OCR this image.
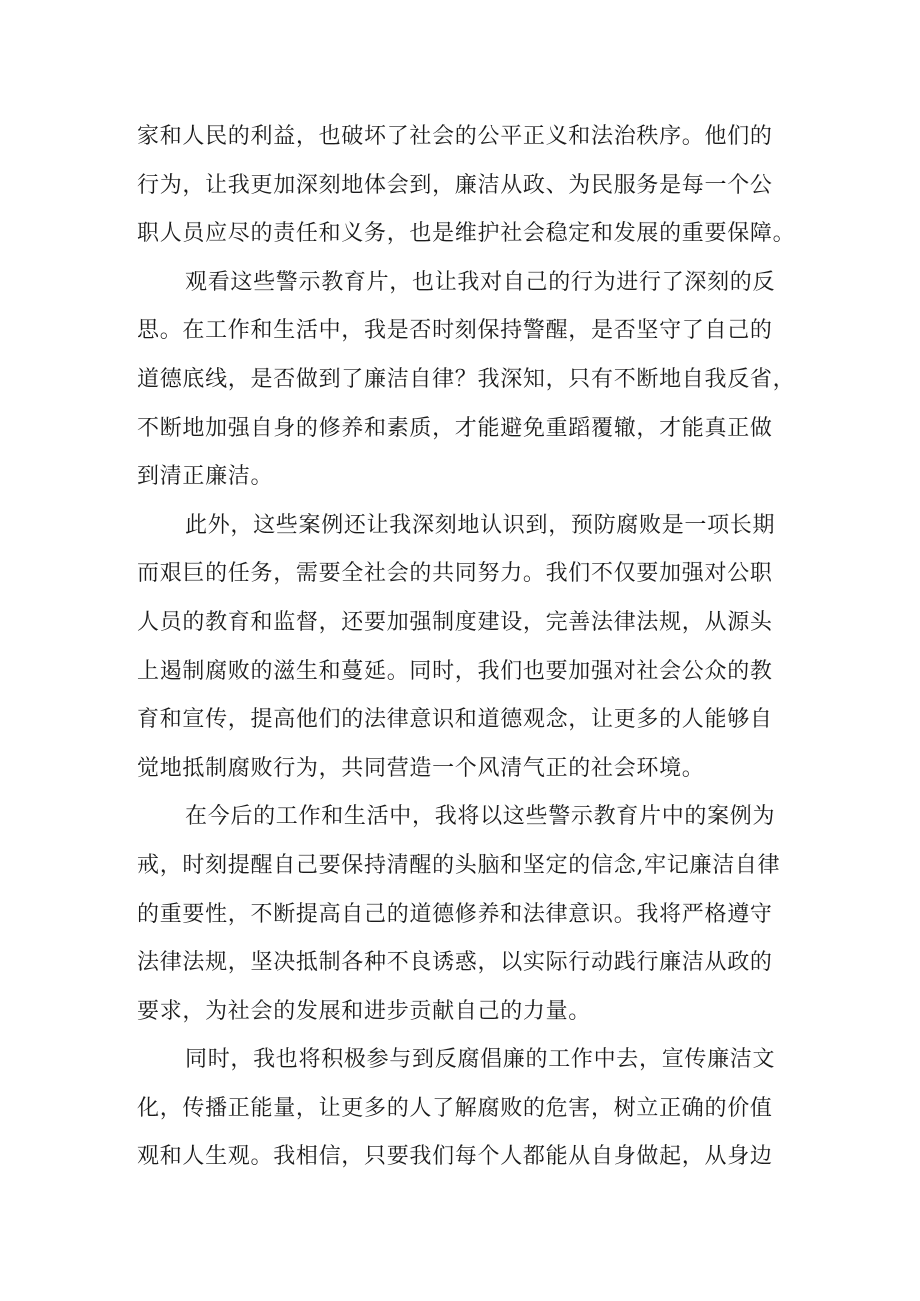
家和人民的利益，也破坏了社会的公平正义和法治秩序。他们的
行为，让我更加深刻地体会到，廉洁从政、为民服务是每一个公
职人员应尽的责任和义务，也是维护社会稳定和发展的重要保障。
观看这些警示教育片，也让我对自己的行为进行了深刻的反
思。在工作和生活中，我是否时刻保持警醒，是否坚守了自己的
道德底线，是否做到了廉洁自律？我深知，只有不断地自我反省，
不断地加强自身的修养和素质，才能避免重蹈覆辙，才能真正做
到清正廉洁。
此外，这些案例还让我深刻地认识到，预防腐败是一项长期
而艰巨的任务，需要全社会的共同努力。我们不仅要加强对公职
人员的教育和监督，还要加强制度建设，完善法律法规，从源头
上遏制腐败的滋生和蔓延。同时，我们也要加强对社会公众的教
育和宣传，提高他们的法律意识和道德观念，让更多的人能够自
觉地抵制腐败行为，共同营造一个风清气正的社会环境。
在今后的工作和生活中，我将以这些警示教育片中的案例为
戒，时刻提醒自己要保持清醒的头脑和坚定的信念,牢记廉洁自律
的重要性，不断提高自己的道德修养和法律意识。我将严格遵守
法律法规，坚决抵制各种不良诱惑，以实际行动践行廉洁从政的
要求，为社会的发展和进步贡献自己的力量。
同时，我也将积极参与到反腐倡廉的工作中去，宣传廉洁文
化，传播正能量，让更多的人了解腐败的危害，树立正确的价值
观和人生观。我相信，只要我们每个人都能从自身做起，从身边
